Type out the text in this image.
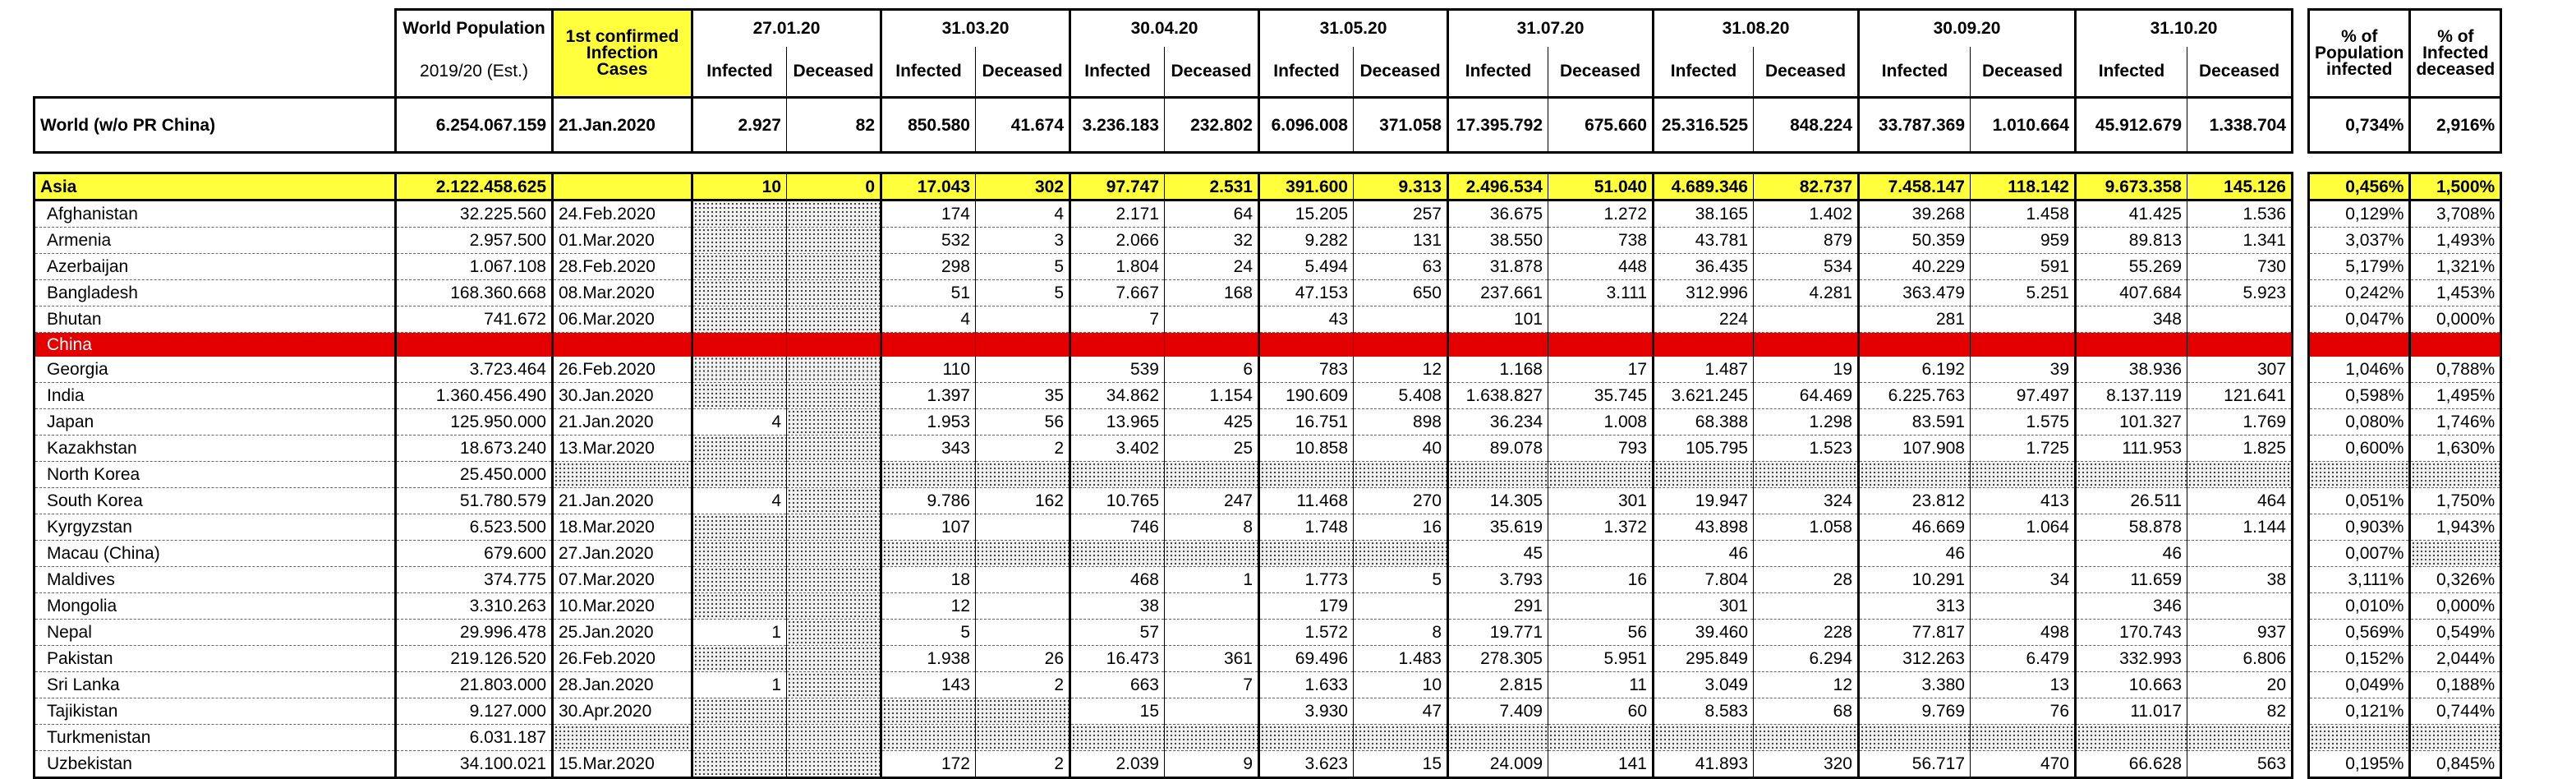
	World Population	1st confirmed Infection Cases	27.01.20		31.03.20		30.04.20		31.05.20		31.07.20		31.08.20		30.09.20		31.10.20			% of Population infected	% of Infected deceased
	2019/20 (Est.)		Infected	Deceased	Infected	Deceased	Infected	Deceased	Infected	Deceased	Infected	Deceased	Infected	Deceased	Infected	Deceased	Infected	Deceased			
World (w/o PR China)	6.254.067.159	21.Jan.2020	2.927	82	850.580	41.674	3.236.183	232.802	6.096.008	371.058	17.395.792	675.660	25.316.525	848.224	33.787.369	1.010.664	45.912.679	1.338.704		0,734%	2,916%

Asia	2.122.458.625		10	0	17.043	302	97.747	2.531	391.600	9.313	2.496.534	51.040	4.689.346	82.737	7.458.147	118.142	9.673.358	145.126		0,456%	1,500%
Afghanistan	32.225.560	24.Feb.2020			174	4	2.171	64	15.205	257	36.675	1.272	38.165	1.402	39.268	1.458	41.425	1.536		0,129%	3,708%
Armenia	2.957.500	01.Mar.2020			532	3	2.066	32	9.282	131	38.550	738	43.781	879	50.359	959	89.813	1.341		3,037%	1,493%
Azerbaijan	1.067.108	28.Feb.2020			298	5	1.804	24	5.494	63	31.878	448	36.435	534	40.229	591	55.269	730		5,179%	1,321%
Bangladesh	168.360.668	08.Mar.2020			51	5	7.667	168	47.153	650	237.661	3.111	312.996	4.281	363.479	5.251	407.684	5.923		0,242%	1,453%
Bhutan	741.672	06.Mar.2020			4		7		43		101		224		281		348			0,047%	0,000%
China																					
Georgia	3.723.464	26.Feb.2020			110		539	6	783	12	1.168	17	1.487	19	6.192	39	38.936	307		1,046%	0,788%
India	1.360.456.490	30.Jan.2020			1.397	35	34.862	1.154	190.609	5.408	1.638.827	35.745	3.621.245	64.469	6.225.763	97.497	8.137.119	121.641		0,598%	1,495%
Japan	125.950.000	21.Jan.2020	4		1.953	56	13.965	425	16.751	898	36.234	1.008	68.388	1.298	83.591	1.575	101.327	1.769		0,080%	1,746%
Kazakhstan	18.673.240	13.Mar.2020			343	2	3.402	25	10.858	40	89.078	793	105.795	1.523	107.908	1.725	111.953	1.825		0,600%	1,630%
North Korea	25.450.000																				
South Korea	51.780.579	21.Jan.2020	4		9.786	162	10.765	247	11.468	270	14.305	301	19.947	324	23.812	413	26.511	464		0,051%	1,750%
Kyrgyzstan	6.523.500	18.Mar.2020			107		746	8	1.748	16	35.619	1.372	43.898	1.058	46.669	1.064	58.878	1.144		0,903%	1,943%
Macau (China)	679.600	27.Jan.2020									45		46		46		46			0,007%	
Maldives	374.775	07.Mar.2020			18		468	1	1.773	5	3.793	16	7.804	28	10.291	34	11.659	38		3,111%	0,326%
Mongolia	3.310.263	10.Mar.2020			12		38		179		291		301		313		346			0,010%	0,000%
Nepal	29.996.478	25.Jan.2020	1		5		57		1.572	8	19.771	56	39.460	228	77.817	498	170.743	937		0,569%	0,549%
Pakistan	219.126.520	26.Feb.2020			1.938	26	16.473	361	69.496	1.483	278.305	5.951	295.849	6.294	312.263	6.479	332.993	6.806		0,152%	2,044%
Sri Lanka	21.803.000	28.Jan.2020	1		143	2	663	7	1.633	10	2.815	11	3.049	12	3.380	13	10.663	20		0,049%	0,188%
Tajikistan	9.127.000	30.Apr.2020					15		3.930	47	7.409	60	8.583	68	9.769	76	11.017	82		0,121%	0,744%
Turkmenistan	6.031.187																				
Uzbekistan	34.100.021	15.Mar.2020			172	2	2.039	9	3.623	15	24.009	141	41.893	320	56.717	470	66.628	563		0,195%	0,845%
